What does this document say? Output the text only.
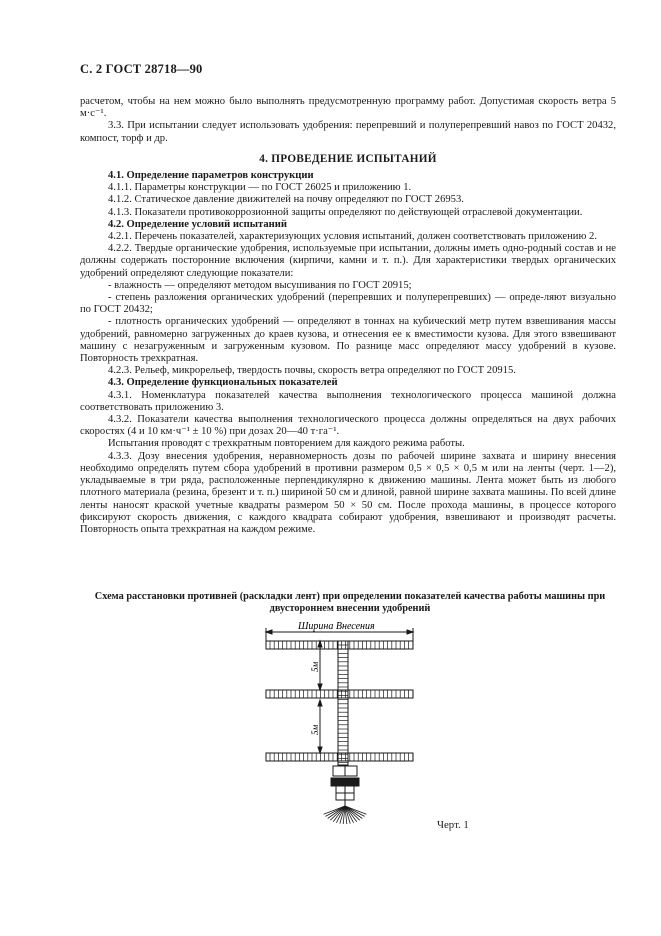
С. 2 ГОСТ 28718—90

расчетом, чтобы на нем можно было выполнять предусмотренную программу работ. Допустимая скорость ветра 5 м·с⁻¹.

3.3. При испытании следует использовать удобрения: перепревший и полуперепревший навоз по ГОСТ 20432, компост, торф и др.

4. ПРОВЕДЕНИЕ ИСПЫТАНИЙ

4.1. Определение параметров конструкции

4.1.1. Параметры конструкции — по ГОСТ 26025 и приложению 1.

4.1.2. Статическое давление движителей на почву определяют по ГОСТ 26953.

4.1.3. Показатели противокоррозионной защиты определяют по действующей отраслевой документации.

4.2. Определение условий испытаний

4.2.1. Перечень показателей, характеризующих условия испытаний, должен соответствовать приложению 2.

4.2.2. Твердые органические удобрения, используемые при испытании, должны иметь одно-родный состав и не должны содержать посторонние включения (кирпичи, камни и т. п.). Для характеристики твердых органических удобрений определяют следующие показатели:

- влажность — определяют методом высушивания по ГОСТ 20915;

- степень разложения органических удобрений (перепревших и полуперепревших) — опреде-ляют визуально по ГОСТ 20432;

- плотность органических удобрений — определяют в тоннах на кубический метр путем взвешивания массы удобрений, равномерно загруженных до краев кузова, и отнесения ее к вместимости кузова. Для этого взвешивают машину с незагруженным и загруженным кузовом. По разнице масс определяют массу удобрений в кузове. Повторность трехкратная.

4.2.3. Рельеф, микрорельеф, твердость почвы, скорость ветра определяют по ГОСТ 20915.

4.3. Определение функциональных показателей

4.3.1. Номенклатура показателей качества выполнения технологического процесса машиной должна соответствовать приложению 3.

4.3.2. Показатели качества выполнения технологического процесса должны определяться на двух рабочих скоростях (4 и 10 км·ч⁻¹ ± 10 %) при дозах 20—40 т·га⁻¹.

Испытания проводят с трехкратным повторением для каждого режима работы.

4.3.3. Дозу внесения удобрения, неравномерность дозы по рабочей ширине захвата и ширину внесения необходимо определять путем сбора удобрений в противни размером 0,5 × 0,5 × 0,5 м или на ленты (черт. 1—2), укладываемые в три ряда, расположенные перпендикулярно к движению машины. Лента может быть из любого плотного материала (резина, брезент и т. п.) шириной 50 см и длиной, равной ширине захвата машины. По всей длине ленты наносят краской учетные квадраты размером 50 × 50 см. После прохода машины, в процессе которого фиксируют скорость движения, с каждого квадрата собирают удобрения, взвешивают и производят расчеты. Повторность опыта трехкратная на каждом режиме.

Схема расстановки противней (раскладки лент) при определении показателей качества работы машины при двустороннем внесении удобрений
Ширина Внесения
5м
5м
Черт. 1
